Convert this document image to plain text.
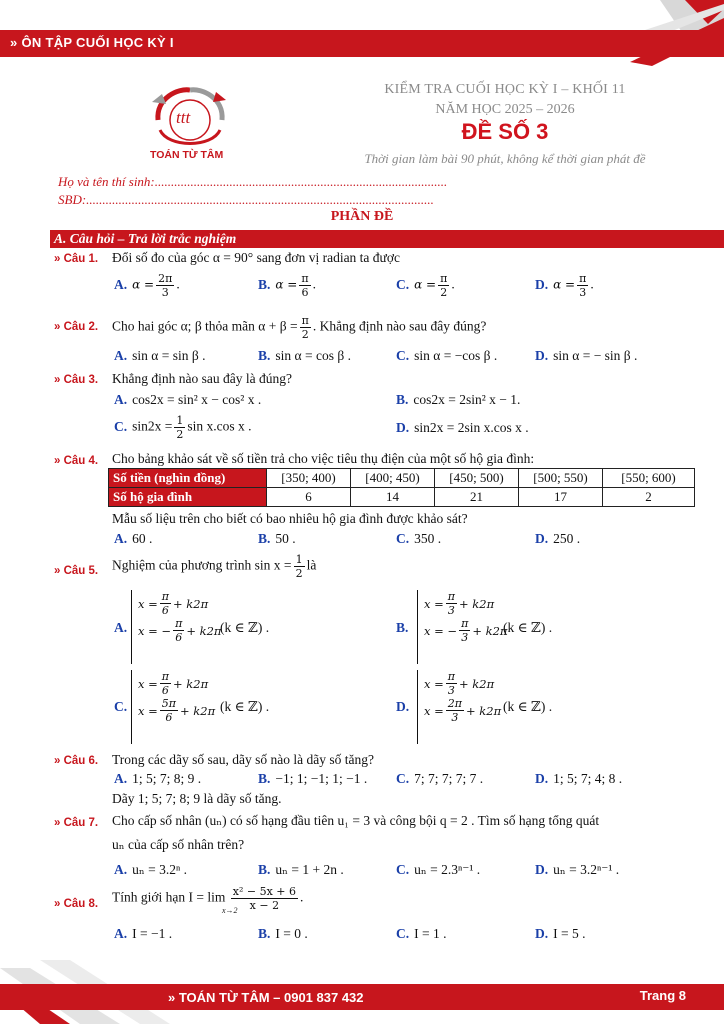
» ÔN TẬP CUỐI HỌC KỲ I
ttt
TOÁN TỪ TÂM
KIỂM TRA CUỐI HỌC KỲ I – KHỐI 11
NĂM HỌC 2025 – 2026
ĐỀ SỐ 3
Thời gian làm bài 90 phút, không kể thời gian phát đề
Họ và tên thí sinh:..........................................................................................
SBD:...........................................................................................................
PHẦN ĐỀ
A. Câu hỏi – Trả lời trắc nghiệm
» Câu 1. Đổi số đo của góc α = 90° sang đơn vị radian ta được
A. $\alpha = \frac{2\pi}{3}$ .	B. $\alpha = \frac{\pi}{6}$ .	C. $\alpha = \frac{\pi}{2}$ .	D. $\alpha = \frac{\pi}{3}$ .
» Câu 2. Cho hai góc α; β thỏa mãn $\alpha + \beta = \frac{\pi}{2}$ . Khẳng định nào sau đây đúng?
A. sin α = sin β .	B. sin α = cos β .	C. sin α = −cos β .	D. sin α = − sin β .
» Câu 3. Khẳng định nào sau đây là đúng?
A. cos2x = sin² x − cos² x .	B. cos2x = 2sin² x − 1.
C. $\sin 2x = \frac{1}{2}$ sin x.cos x .	D. sin2x = 2sin x.cos x .
» Câu 4. Cho bảng khảo sát về số tiền trả cho việc tiêu thụ điện của một số hộ gia đình:
Số tiền (nghìn đồng)	[350; 400)	[400; 450)	[450; 500)	[500; 550)	[550; 600)
Số hộ gia đình	6	14	21	17	2
Mẫu số liệu trên cho biết có bao nhiêu hộ gia đình được khảo sát?
A. 60 .	B. 50 .	C. 350 .	D. 250 .
» Câu 5. Nghiệm của phương trình $\sin x = \frac{1}{2}$ là
A.
$x = \frac{\pi}{6} + k2\pi$
x = − $\frac{\pi}{6} + k2\pi$
(k ∈ ℤ) .	B.
$x = \frac{\pi}{3} + k2\pi$
x = − $\frac{\pi}{3} + k2\pi$
(k ∈ ℤ) .
C.
$x = \frac{\pi}{6} + k2\pi$
$x = \frac{5\pi}{6} + k2\pi$ (k ∈ ℤ) .	D.
$x = \frac{\pi}{3} + k2\pi$
$x = \frac{2\pi}{3} + k2\pi$ (k ∈ ℤ) .
» Câu 6. Trong các dãy số sau, dãy số nào là dãy số tăng?
A. 1; 5; 7; 8; 9 .	B. −1; 1; −1; 1; −1 . C. 7; 7; 7; 7; 7 .	D. 1; 5; 7; 4; 8 .
Dãy 1; 5; 7; 8; 9 là dãy số tăng.
» Câu 7. Cho cấp số nhân (uₙ) có số hạng đầu tiên u₁ = 3 và công bội q = 2 . Tìm số hạng tổng quát
uₙ của cấp số nhân trên?
A. uₙ = 3.2ⁿ .	B. uₙ = 1 + 2n .	C. uₙ = 2.3ⁿ⁻¹ .	D. uₙ = 3.2ⁿ⁻¹ .
» Câu 8. Tính giới hạn $I = \lim \frac{\text{x² − 5x + 6}}{x - 2}$ .
x→2
A. I = −1 .	B. I = 0 .	C. I = 1 .	D. I = 5 .
» TOÁN TỪ TÂM – 0901 837 432	Trang 8
